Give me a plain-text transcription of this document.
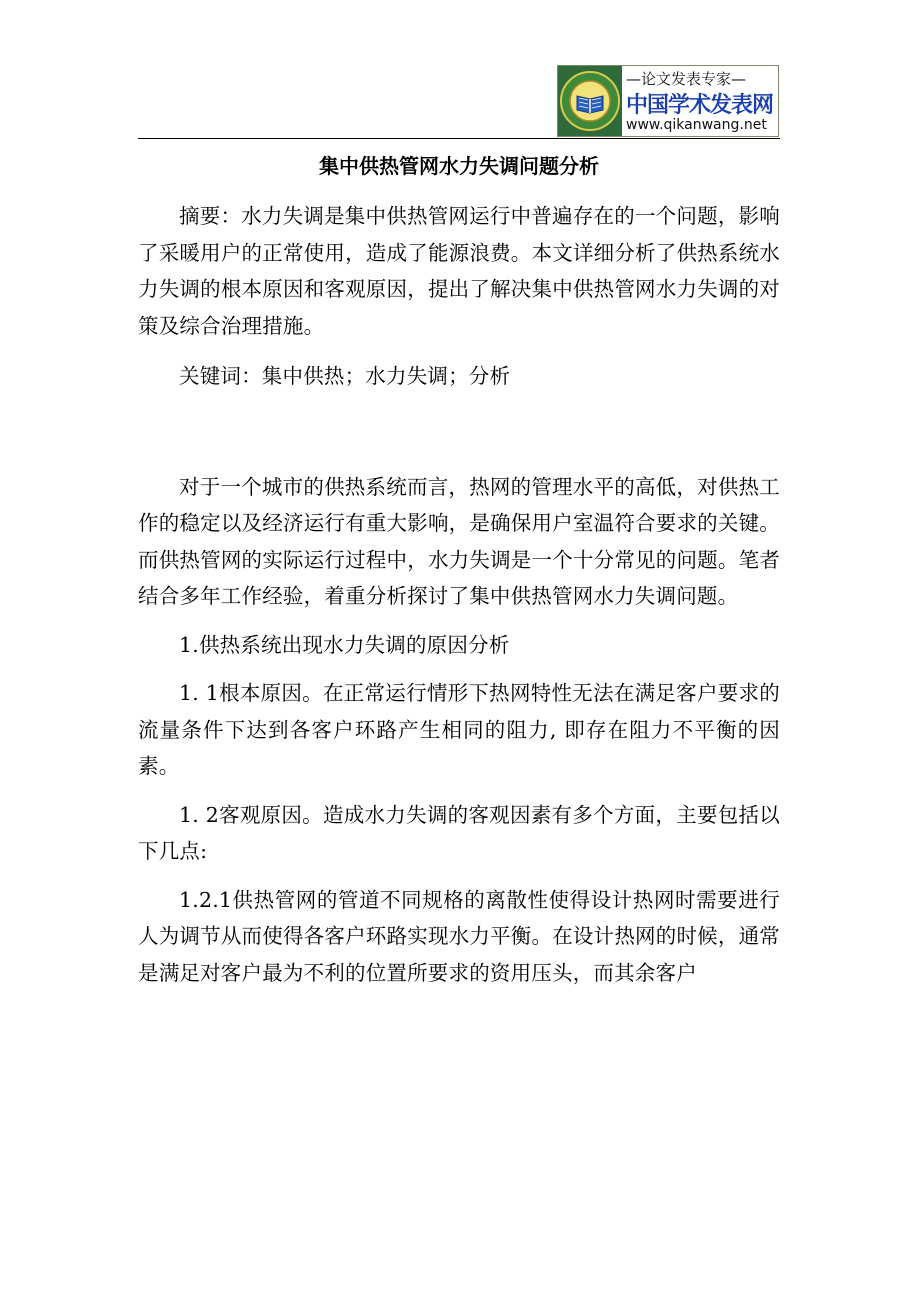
—论文发表专家—
中国学术发表网
www.qikanwang.net
集中供热管网水力失调问题分析

摘要：水力失调是集中供热管网运行中普遍存在的一个问题，影响了采暖用户的正常使用，造成了能源浪费。本文详细分析了供热系统水力失调的根本原因和客观原因，提出了解决集中供热管网水力失调的对策及综合治理措施。

关键词：集中供热；水力失调；分析

对于一个城市的供热系统而言，热网的管理水平的高低，对供热工作的稳定以及经济运行有重大影响，是确保用户室温符合要求的关键。而供热管网的实际运行过程中，水力失调是一个十分常见的问题。笔者结合多年工作经验，着重分析探讨了集中供热管网水力失调问题。

1.供热系统出现水力失调的原因分析

1. 1根本原因。在正常运行情形下热网特性无法在满足客户要求的流量条件下达到各客户环路产生相同的阻力, 即存在阻力不平衡的因素。

1. 2客观原因。造成水力失调的客观因素有多个方面，主要包括以下几点:

1.2.1供热管网的管道不同规格的离散性使得设计热网时需要进行人为调节从而使得各客户环路实现水力平衡。在设计热网的时候，通常是满足对客户最为不利的位置所要求的资用压头，而其余客户
